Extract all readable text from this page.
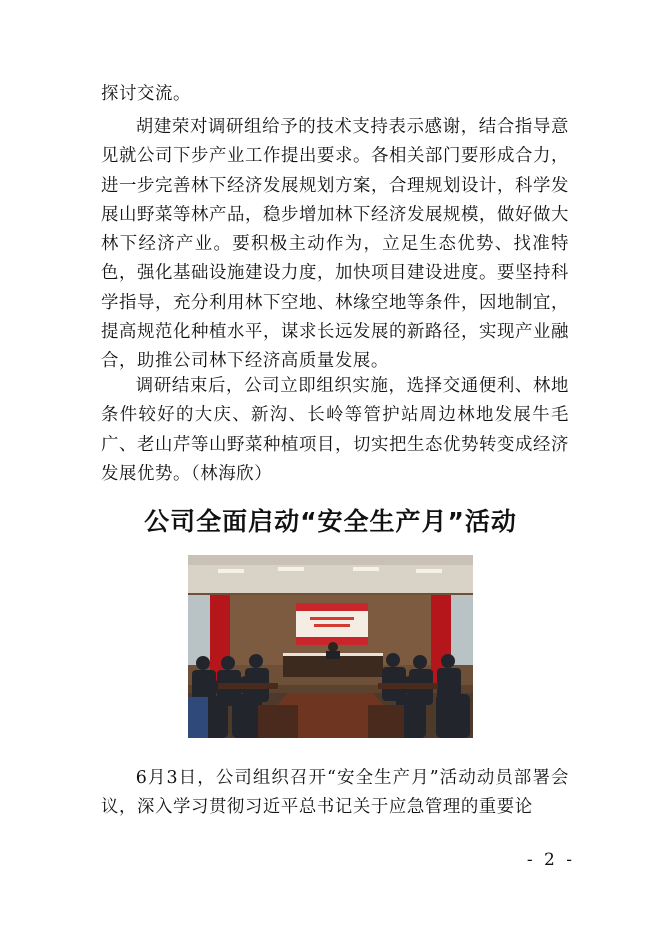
探讨交流。

胡建荣对调研组给予的技术支持表示感谢，结合指导意见就公司下步产业工作提出要求。各相关部门要形成合力，进一步完善林下经济发展规划方案，合理规划设计，科学发展山野菜等林产品，稳步增加林下经济发展规模，做好做大林下经济产业。要积极主动作为，立足生态优势、找准特色，强化基础设施建设力度，加快项目建设进度。要坚持科学指导，充分利用林下空地、林缘空地等条件，因地制宜，提高规范化种植水平，谋求长远发展的新路径，实现产业融合，助推公司林下经济高质量发展。

调研结束后，公司立即组织实施，选择交通便利、林地条件较好的大庆、新沟、长岭等管护站周边林地发展牛毛广、老山芹等山野菜种植项目，切实把生态优势转变成经济发展优势。（林海欣）

公司全面启动“安全生产月”活动

6月3日，公司组织召开“安全生产月”活动动员部署会议，深入学习贯彻习近平总书记关于应急管理的重要论

- 2 -
